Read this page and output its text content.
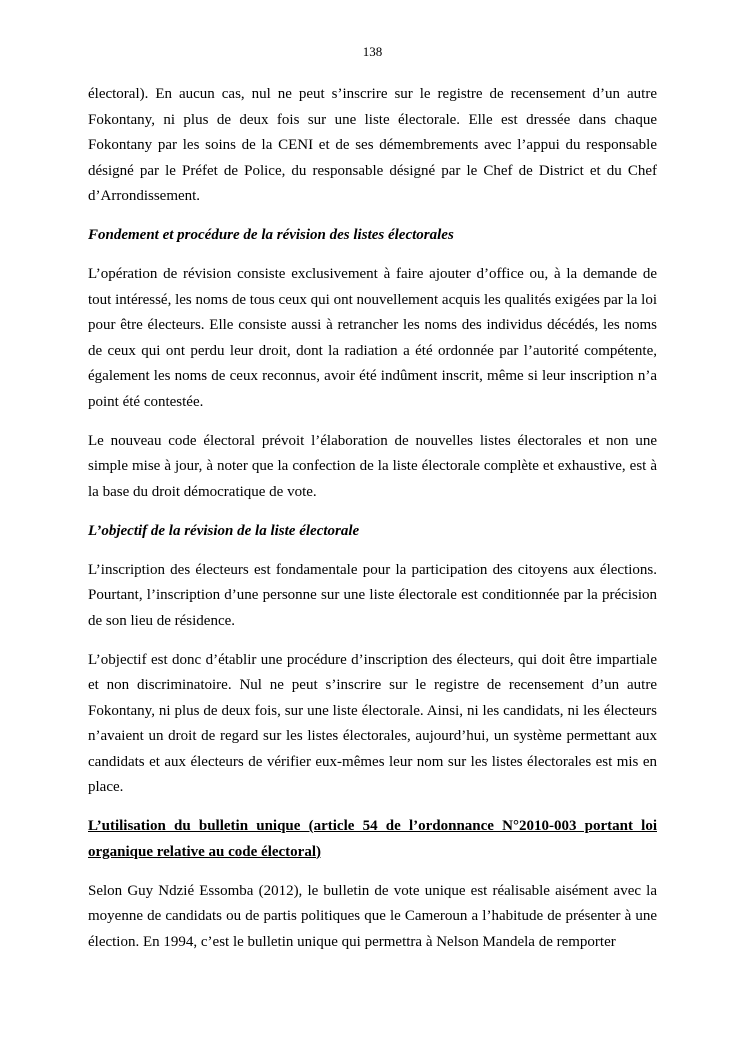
138

électoral). En aucun cas, nul ne peut s’inscrire sur le registre de recensement d’un autre Fokontany, ni plus de deux fois sur une liste électorale. Elle est dressée dans chaque Fokontany par les soins de la CENI et de ses démembrements avec l’appui du responsable désigné par le Préfet de Police, du responsable désigné par le Chef de District et du Chef d’Arrondissement.

Fondement et procédure de la révision des listes électorales

L’opération de révision consiste exclusivement à faire ajouter d’office ou, à la demande de tout intéressé, les noms de tous ceux qui ont nouvellement acquis les qualités exigées par la loi pour être électeurs. Elle consiste aussi à retrancher les noms des individus décédés, les noms de ceux qui ont perdu leur droit, dont la radiation a été ordonnée par l’autorité compétente, également les noms de ceux reconnus, avoir été indûment inscrit, même si leur inscription n’a point été contestée.

Le nouveau code électoral prévoit l’élaboration de nouvelles listes électorales et non une simple mise à jour, à noter que la confection de la liste électorale complète et exhaustive, est à la base du droit démocratique de vote.

L’objectif de la révision de la liste électorale

L’inscription des électeurs est fondamentale pour la participation des citoyens aux élections. Pourtant, l’inscription d’une personne sur une liste électorale est conditionnée par la précision de son lieu de résidence.

L’objectif est donc d’établir une procédure d’inscription des électeurs, qui doit être impartiale et non discriminatoire. Nul ne peut s’inscrire sur le registre de recensement d’un autre Fokontany, ni plus de deux fois, sur une liste électorale. Ainsi, ni les candidats, ni les électeurs n’avaient un droit de regard sur les listes électorales, aujourd’hui, un système permettant aux candidats et aux électeurs de vérifier eux-mêmes leur nom sur les listes électorales est mis en place.

L’utilisation du bulletin unique (article 54 de l’ordonnance N°2010-003 portant loi organique relative au code électoral)

Selon Guy Ndzié Essomba (2012), le bulletin de vote unique est réalisable aisément avec la moyenne de candidats ou de partis politiques que le Cameroun a l’habitude de présenter à une élection. En 1994, c’est le bulletin unique qui permettra à Nelson Mandela de remporter
